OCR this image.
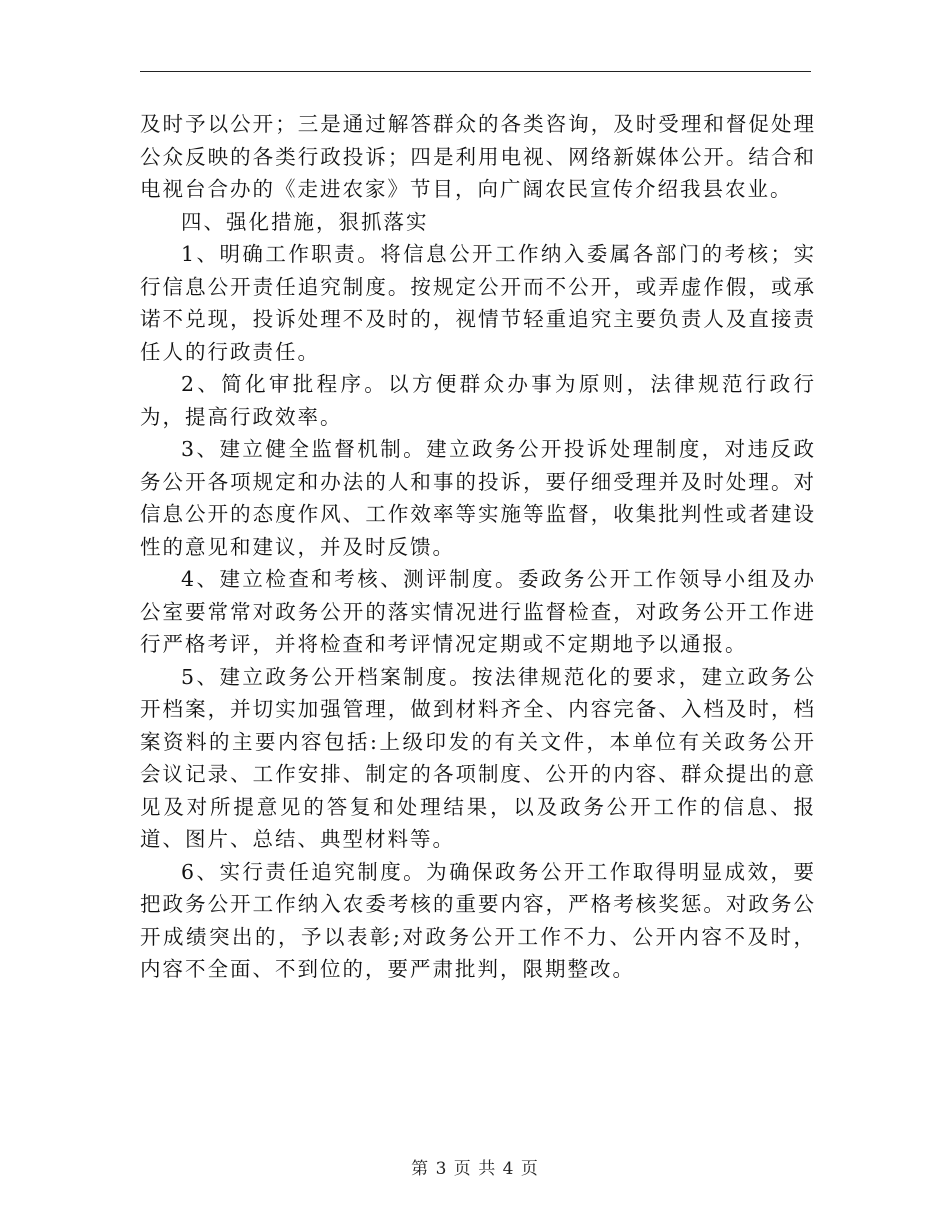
及时予以公开；三是通过解答群众的各类咨询，及时受理和督促处理公众反映的各类行政投诉；四是利用电视、网络新媒体公开。结合和电视台合办的《走进农家》节目，向广阔农民宣传介绍我县农业。

四、强化措施，狠抓落实

1、明确工作职责。将信息公开工作纳入委属各部门的考核；实行信息公开责任追究制度。按规定公开而不公开，或弄虚作假，或承诺不兑现，投诉处理不及时的，视情节轻重追究主要负责人及直接责任人的行政责任。

2、简化审批程序。以方便群众办事为原则，法律规范行政行为，提高行政效率。

3、建立健全监督机制。建立政务公开投诉处理制度，对违反政务公开各项规定和办法的人和事的投诉，要仔细受理并及时处理。对信息公开的态度作风、工作效率等实施等监督，收集批判性或者建设性的意见和建议，并及时反馈。

4、建立检查和考核、测评制度。委政务公开工作领导小组及办公室要常常对政务公开的落实情况进行监督检查，对政务公开工作进行严格考评，并将检查和考评情况定期或不定期地予以通报。

5、建立政务公开档案制度。按法律规范化的要求，建立政务公开档案，并切实加强管理，做到材料齐全、内容完备、入档及时，档案资料的主要内容包括:上级印发的有关文件，本单位有关政务公开会议记录、工作安排、制定的各项制度、公开的内容、群众提出的意见及对所提意见的答复和处理结果，以及政务公开工作的信息、报道、图片、总结、典型材料等。

6、实行责任追究制度。为确保政务公开工作取得明显成效，要把政务公开工作纳入农委考核的重要内容，严格考核奖惩。对政务公开成绩突出的，予以表彰;对政务公开工作不力、公开内容不及时，内容不全面、不到位的，要严肃批判，限期整改。

第 3 页 共 4 页
